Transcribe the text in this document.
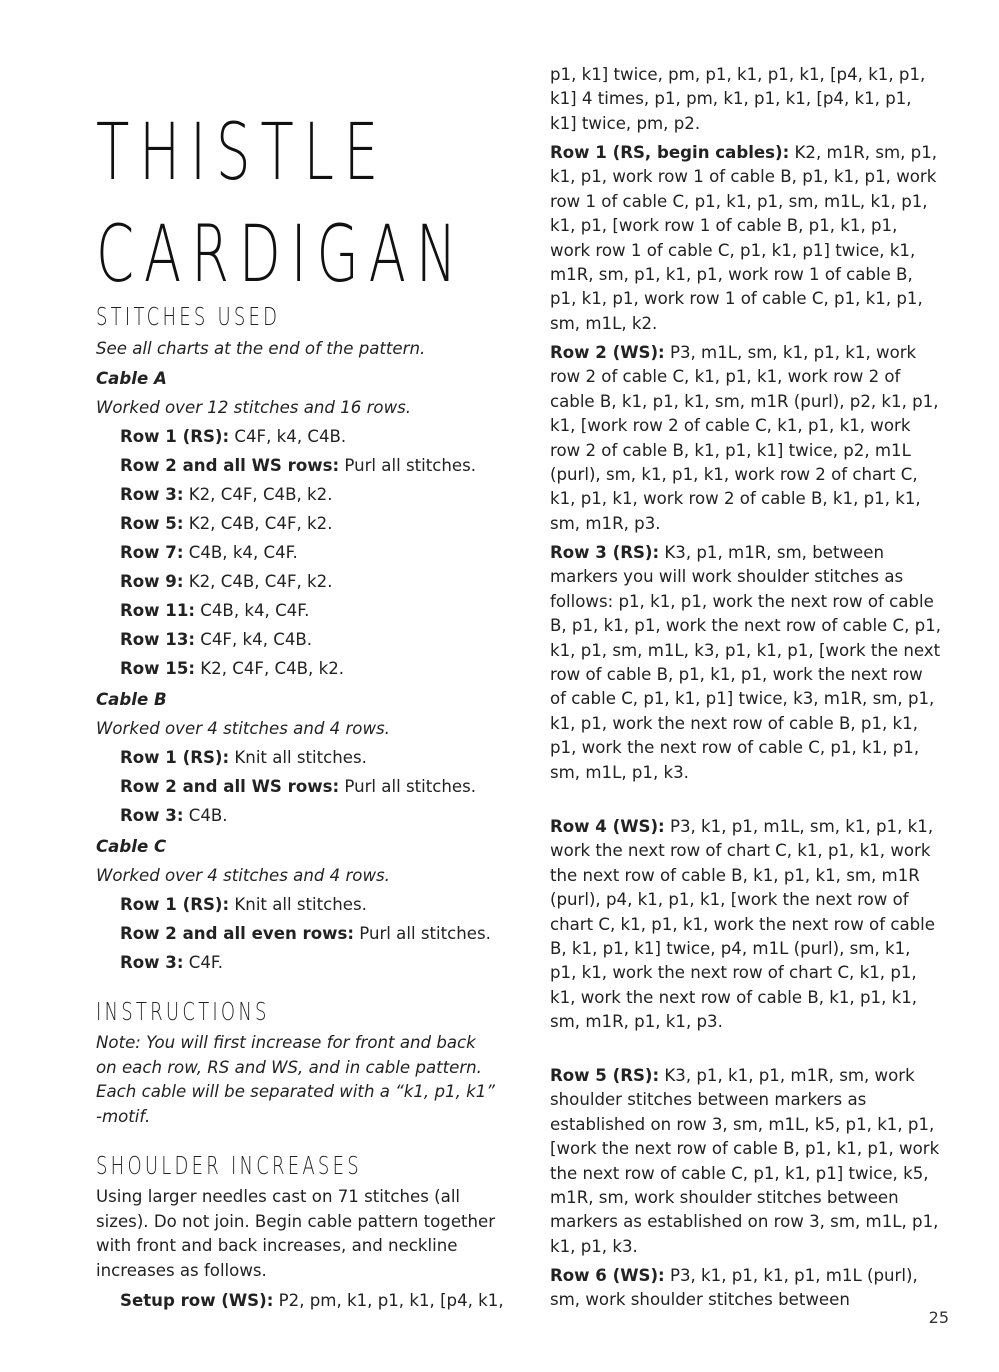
THISTLE
CARDIGAN
STITCHES USED

See all charts at the end of the pattern.

Cable A

Worked over 12 stitches and 16 rows.

Row 1 (RS): C4F, k4, C4B.

Row 2 and all WS rows: Purl all stitches.

Row 3: K2, C4F, C4B, k2.

Row 5: K2, C4B, C4F, k2.

Row 7: C4B, k4, C4F.

Row 9: K2, C4B, C4F, k2.

Row 11: C4B, k4, C4F.

Row 13: C4F, k4, C4B.

Row 15: K2, C4F, C4B, k2.

Cable B

Worked over 4 stitches and 4 rows.

Row 1 (RS): Knit all stitches.

Row 2 and all WS rows: Purl all stitches.

Row 3: C4B.

Cable C

Worked over 4 stitches and 4 rows.

Row 1 (RS): Knit all stitches.

Row 2 and all even rows: Purl all stitches.

Row 3: C4F.

INSTRUCTIONS

Note: You will first increase for front and back on each row, RS and WS, and in cable pattern. Each cable will be separated with a “k1, p1, k1” -motif.

SHOULDER INCREASES

Using larger needles cast on 71 stitches (all sizes). Do not join. Begin cable pattern together with front and back increases, and neckline increases as follows.

Setup row (WS): P2, pm, k1, p1, k1, [p4, k1,

p1, k1] twice, pm, p1, k1, p1, k1, [p4, k1, p1, k1] 4 times, p1, pm, k1, p1, k1, [p4, k1, p1, k1] twice, pm, p2.

Row 1 (RS, begin cables): K2, m1R, sm, p1, k1, p1, work row 1 of cable B, p1, k1, p1, work row 1 of cable C, p1, k1, p1, sm, m1L, k1, p1, k1, p1, [work row 1 of cable B, p1, k1, p1, work row 1 of cable C, p1, k1, p1] twice, k1, m1R, sm, p1, k1, p1, work row 1 of cable B, p1, k1, p1, work row 1 of cable C, p1, k1, p1, sm, m1L, k2.

Row 2 (WS): P3, m1L, sm, k1, p1, k1, work row 2 of cable C, k1, p1, k1, work row 2 of cable B, k1, p1, k1, sm, m1R (purl), p2, k1, p1, k1, [work row 2 of cable C, k1, p1, k1, work row 2 of cable B, k1, p1, k1] twice, p2, m1L (purl), sm, k1, p1, k1, work row 2 of chart C, k1, p1, k1, work row 2 of cable B, k1, p1, k1, sm, m1R, p3.

Row 3 (RS): K3, p1, m1R, sm, between markers you will work shoulder stitches as follows: p1, k1, p1, work the next row of cable B, p1, k1, p1, work the next row of cable C, p1, k1, p1, sm, m1L, k3, p1, k1, p1, [work the next row of cable B, p1, k1, p1, work the next row of cable C, p1, k1, p1] twice, k3, m1R, sm, p1, k1, p1, work the next row of cable B, p1, k1, p1, work the next row of cable C, p1, k1, p1, sm, m1L, p1, k3.

Row 4 (WS): P3, k1, p1, m1L, sm, k1, p1, k1, work the next row of chart C, k1, p1, k1, work the next row of cable B, k1, p1, k1, sm, m1R (purl), p4, k1, p1, k1, [work the next row of chart C, k1, p1, k1, work the next row of cable B, k1, p1, k1] twice, p4, m1L (purl), sm, k1, p1, k1, work the next row of chart C, k1, p1, k1, work the next row of cable B, k1, p1, k1, sm, m1R, p1, k1, p3.

Row 5 (RS): K3, p1, k1, p1, m1R, sm, work shoulder stitches between markers as established on row 3, sm, m1L, k5, p1, k1, p1, [work the next row of cable B, p1, k1, p1, work the next row of cable C, p1, k1, p1] twice, k5, m1R, sm, work shoulder stitches between markers as established on row 3, sm, m1L, p1, k1, p1, k3.

Row 6 (WS): P3, k1, p1, k1, p1, m1L (purl), sm, work shoulder stitches between

25
